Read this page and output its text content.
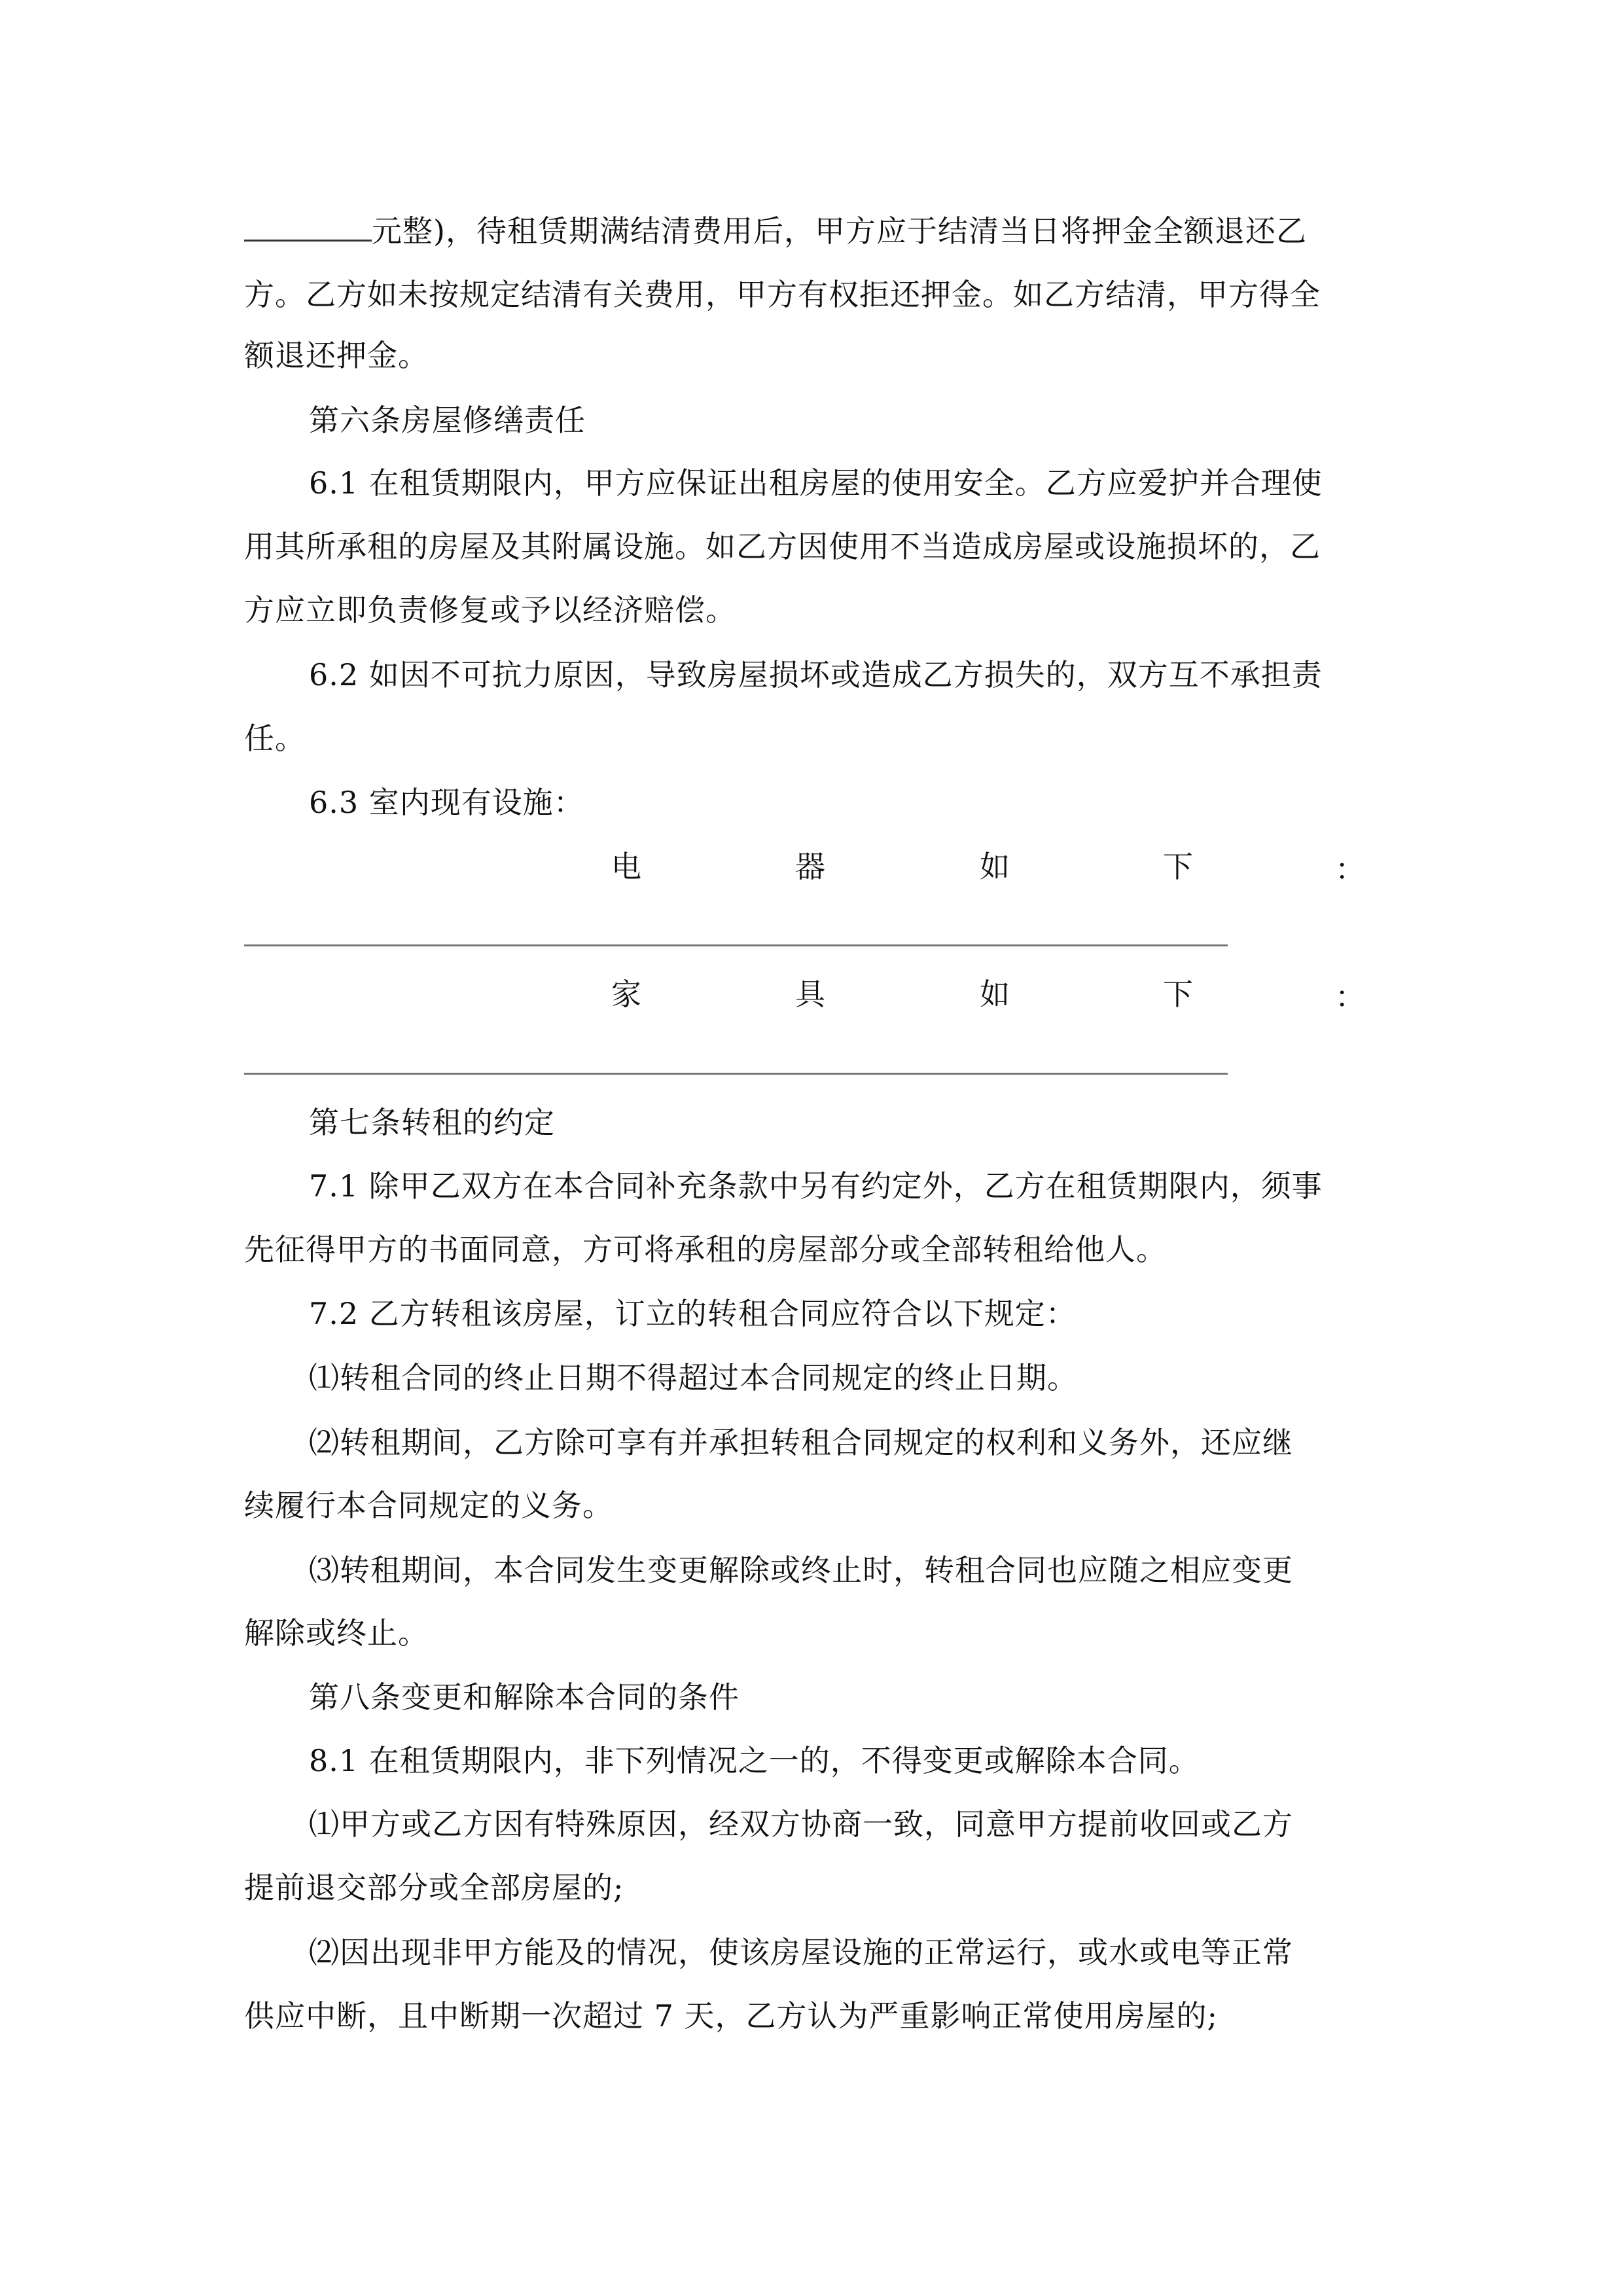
元整)，待租赁期满结清费用后，甲方应于结清当日将押金全额退还乙
方。乙方如未按规定结清有关费用，甲方有权拒还押金。如乙方结清，甲方得全
额退还押金。
第六条房屋修缮责任
6.1 在租赁期限内，甲方应保证出租房屋的使用安全。乙方应爱护并合理使
用其所承租的房屋及其附属设施。如乙方因使用不当造成房屋或设施损坏的，乙
方应立即负责修复或予以经济赔偿。
6.2 如因不可抗力原因，导致房屋损坏或造成乙方损失的，双方互不承担责
任。
6.3 室内现有设施：
电	器	如	下	：
家	具	如	下	：
第七条转租的约定
7.1 除甲乙双方在本合同补充条款中另有约定外，乙方在租赁期限内，须事
先征得甲方的书面同意，方可将承租的房屋部分或全部转租给他人。
7.2 乙方转租该房屋，订立的转租合同应符合以下规定：
⑴转租合同的终止日期不得超过本合同规定的终止日期。
⑵转租期间，乙方除可享有并承担转租合同规定的权利和义务外，还应继
续履行本合同规定的义务。
⑶转租期间，本合同发生变更解除或终止时，转租合同也应随之相应变更
解除或终止。
第八条变更和解除本合同的条件
8.1 在租赁期限内，非下列情况之一的，不得变更或解除本合同。
⑴甲方或乙方因有特殊原因，经双方协商一致，同意甲方提前收回或乙方
提前退交部分或全部房屋的;
⑵因出现非甲方能及的情况，使该房屋设施的正常运行，或水或电等正常
供应中断，且中断期一次超过 7 天，乙方认为严重影响正常使用房屋的;
